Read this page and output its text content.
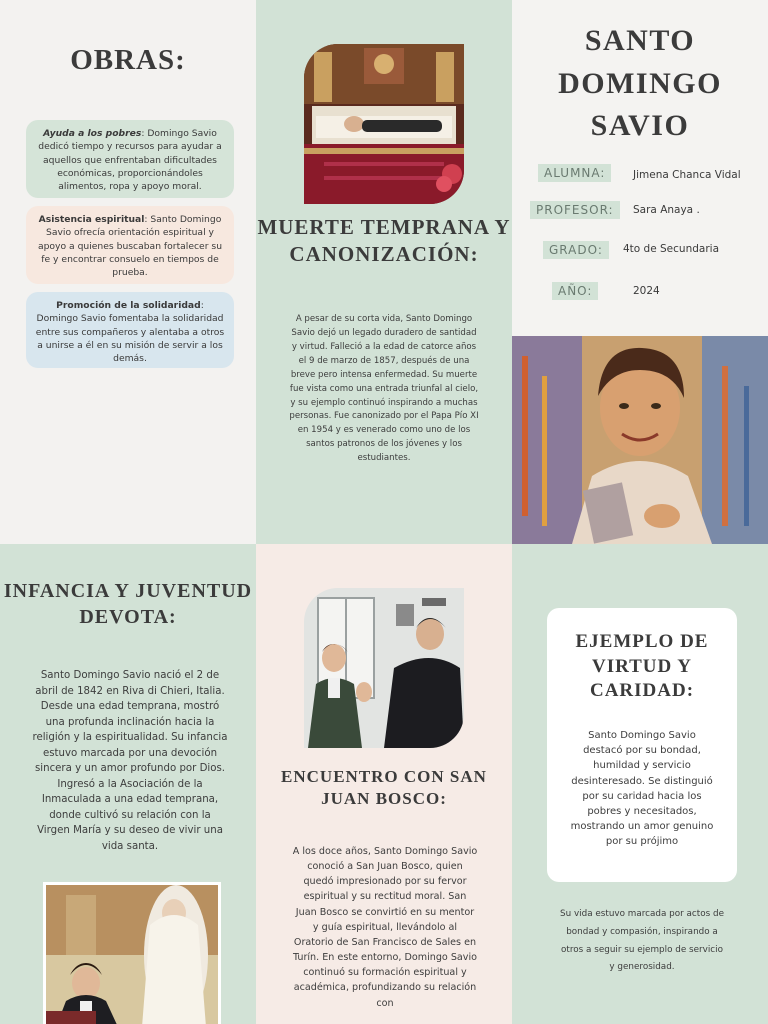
OBRAS:
Ayuda a los pobres: Domingo Savio dedicó tiempo y recursos para ayudar a aquellos que enfrentaban dificultades económicas, proporcionándoles alimentos, ropa y apoyo moral.
Asistencia espiritual: Santo Domingo Savio ofrecía orientación espiritual y apoyo a quienes buscaban fortalecer su fe y encontrar consuelo en tiempos de prueba.
Promoción de la solidaridad: Domingo Savio fomentaba la solidaridad entre sus compañeros y alentaba a otros a unirse a él en su misión de servir a los demás.
MUERTE TEMPRANA Y CANONIZACIÓN:

A pesar de su corta vida, Santo Domingo Savio dejó un legado duradero de santidad y virtud. Falleció a la edad de catorce años el 9 de marzo de 1857, después de una breve pero intensa enfermedad. Su muerte fue vista como una entrada triunfal al cielo, y su ejemplo continuó inspirando a muchas personas. Fue canonizado por el Papa Pío XI en 1954 y es venerado como uno de los santos patronos de los jóvenes y los estudiantes.

SANTO DOMINGO SAVIO
ALUMNA:	Jimena Chanca Vidal
PROFESOR:	Sara Anaya .
GRADO:	4to de Secundaria
AÑO:	2024
INFANCIA Y JUVENTUD DEVOTA:

Santo Domingo Savio nació el 2 de abril de 1842 en Riva di Chieri, Italia. Desde una edad temprana, mostró una profunda inclinación hacia la religión y la espiritualidad. Su infancia estuvo marcada por una devoción sincera y un amor profundo por Dios. Ingresó a la Asociación de la Inmaculada a una edad temprana, donde cultivó su relación con la Virgen María y su deseo de vivir una vida santa.

ENCUENTRO CON SAN JUAN BOSCO:

A los doce años, Santo Domingo Savio conoció a San Juan Bosco, quien quedó impresionado por su fervor espiritual y su rectitud moral. San Juan Bosco se convirtió en su mentor y guía espiritual, llevándolo al Oratorio de San Francisco de Sales en Turín. En este entorno, Domingo Savio continuó su formación espiritual y académica, profundizando su relación con

EJEMPLO DE VIRTUD Y CARIDAD:

Santo Domingo Savio destacó por su bondad, humildad y servicio desinteresado. Se distinguió por su caridad hacia los pobres y necesitados, mostrando un amor genuino por su prójimo

Su vida estuvo marcada por actos de bondad y compasión, inspirando a otros a seguir su ejemplo de servicio y generosidad.
